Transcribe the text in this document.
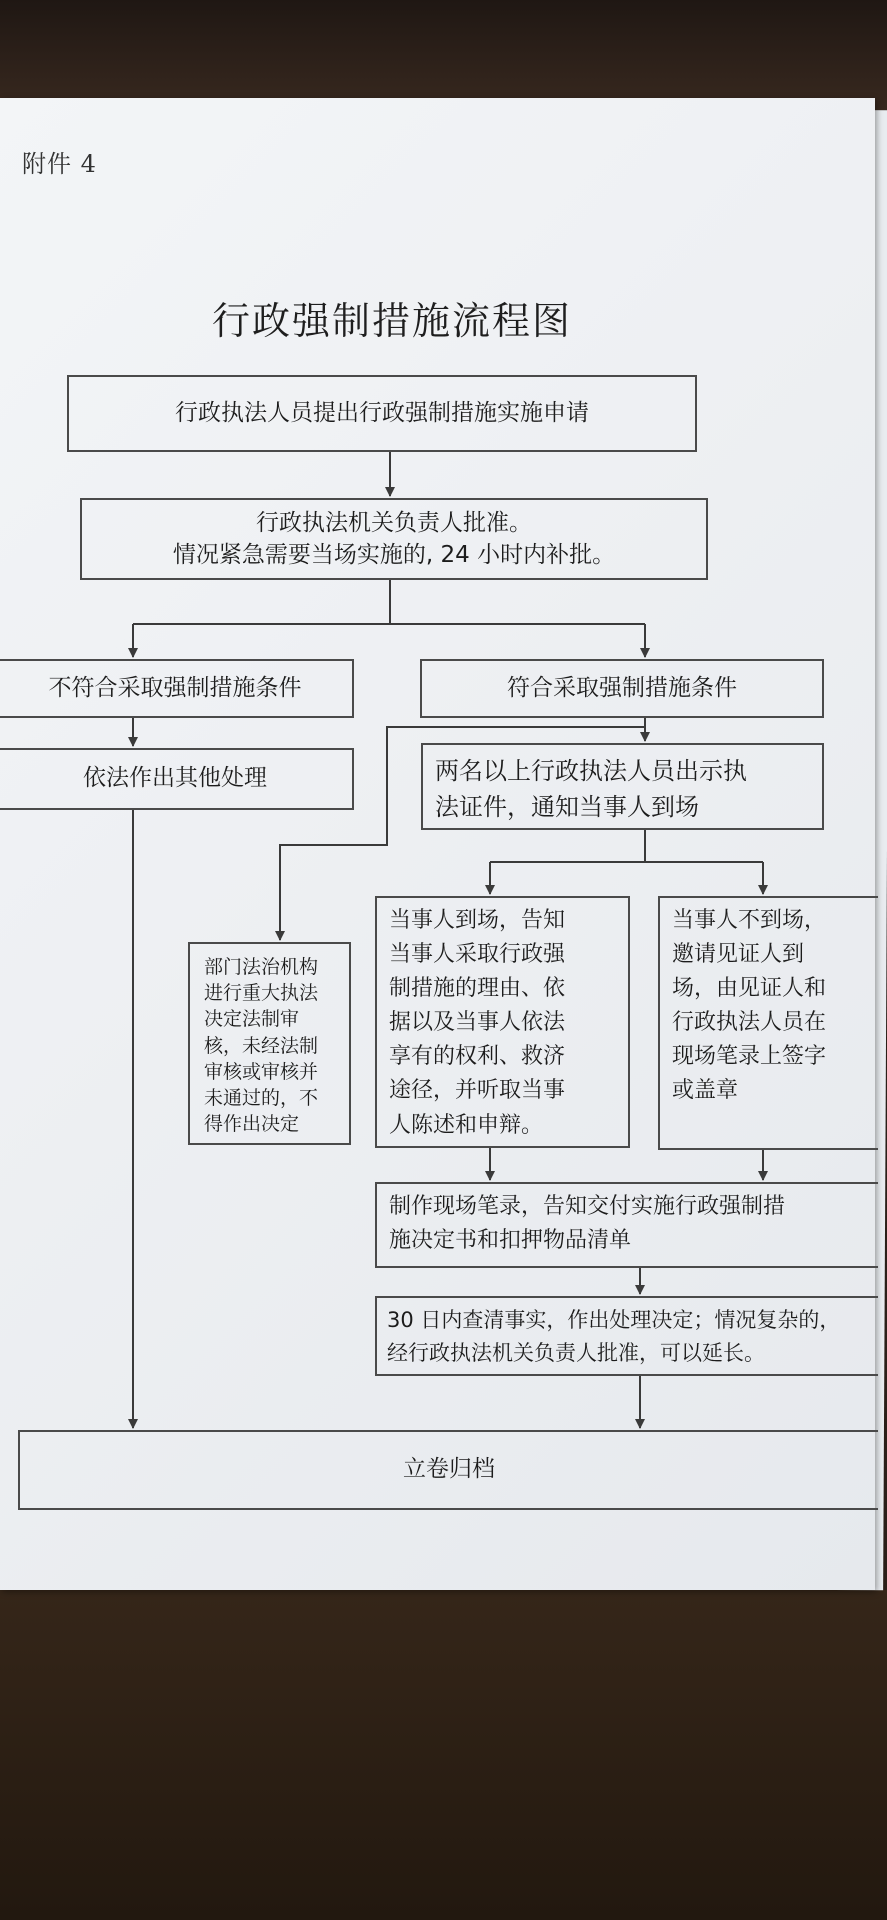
附件 4
行政强制措施流程图
行政执法人员提出行政强制措施实施申请
行政执法机关负责人批准。
情况紧急需要当场实施的, 24 小时内补批。
不符合采取强制措施条件	符合采取强制措施条件
依法作出其他处理	两名以上行政执法人员出示执
法证件，通知当事人到场
部门法治机构
进行重大执法
决定法制审
核，未经法制
审核或审核并
未通过的，不
得作出决定
当事人到场，告知
当事人采取行政强
制措施的理由、依
据以及当事人依法
享有的权利、救济
途径，并听取当事
人陈述和申辩。
当事人不到场，
邀请见证人到
场，由见证人和
行政执法人员在
现场笔录上签字
或盖章
制作现场笔录，告知交付实施行政强制措
施决定书和扣押物品清单
30 日内查清事实，作出处理决定；情况复杂的，
经行政执法机关负责人批准，可以延长。
立卷归档
